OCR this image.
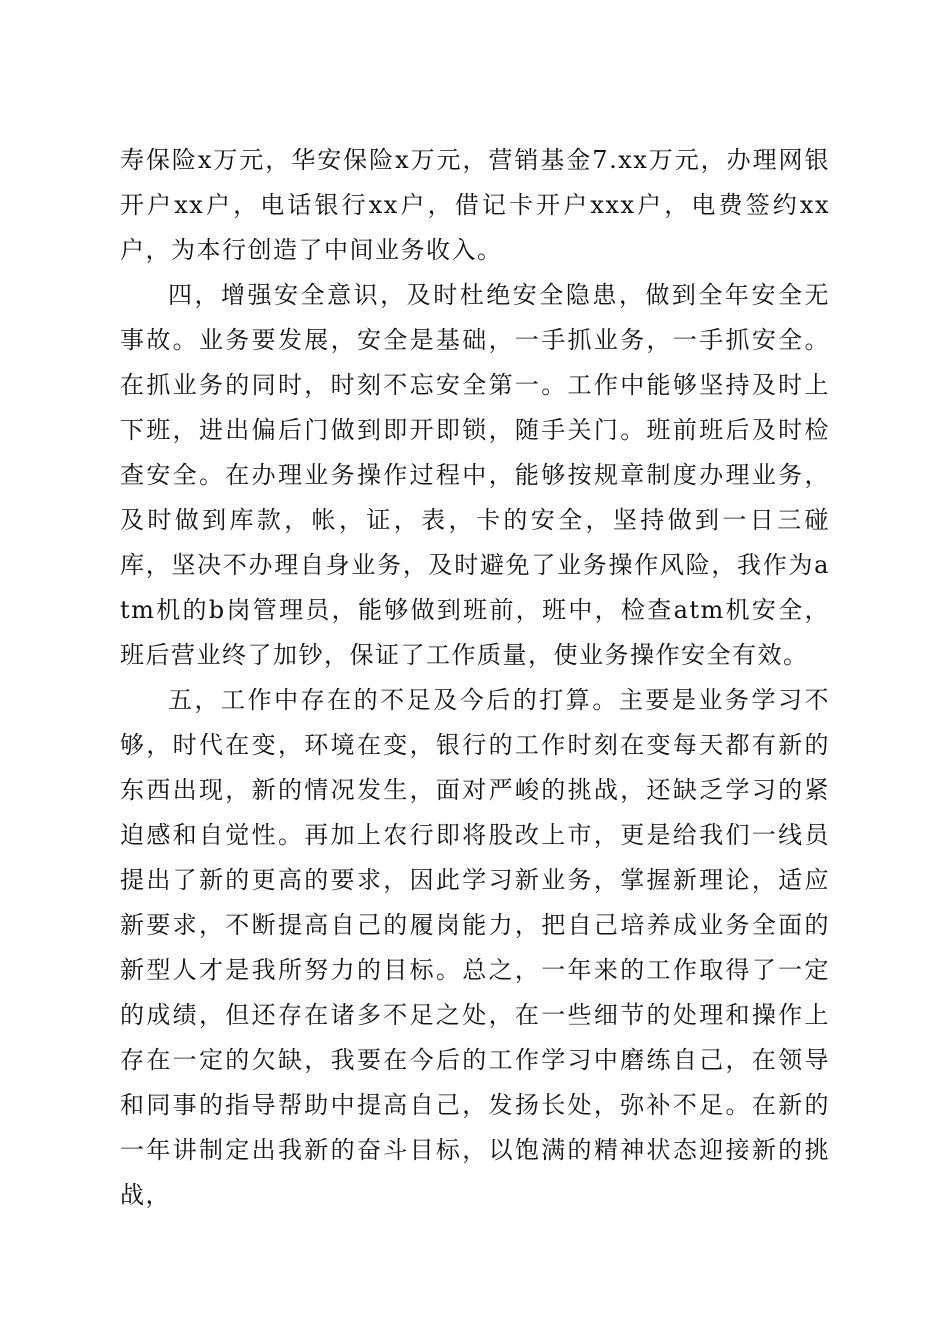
寿保险x万元，华安保险x万元，营销基金7.xx万元，办理网银开户xx户，电话银行xx户，借记卡开户xxx户，电费签约xx户，为本行创造了中间业务收入。

四，增强安全意识，及时杜绝安全隐患，做到全年安全无事故。业务要发展，安全是基础，一手抓业务，一手抓安全。在抓业务的同时，时刻不忘安全第一。工作中能够坚持及时上下班，进出偏后门做到即开即锁，随手关门。班前班后及时检查安全。在办理业务操作过程中，能够按规章制度办理业务，及时做到库款，帐，证，表，卡的安全，坚持做到一日三碰库，坚决不办理自身业务，及时避免了业务操作风险，我作为atm机的b岗管理员，能够做到班前，班中，检查atm机安全，班后营业终了加钞，保证了工作质量，使业务操作安全有效。

五，工作中存在的不足及今后的打算。主要是业务学习不够，时代在变，环境在变，银行的工作时刻在变每天都有新的东西出现，新的情况发生，面对严峻的挑战，还缺乏学习的紧迫感和自觉性。再加上农行即将股改上市，更是给我们一线员提出了新的更高的要求，因此学习新业务，掌握新理论，适应新要求，不断提高自己的履岗能力，把自己培养成业务全面的新型人才是我所努力的目标。总之，一年来的工作取得了一定的成绩，但还存在诸多不足之处，在一些细节的处理和操作上存在一定的欠缺，我要在今后的工作学习中磨练自己，在领导和同事的指导帮助中提高自己，发扬长处，弥补不足。在新的一年讲制定出我新的奋斗目标，以饱满的精神状态迎接新的挑战，
